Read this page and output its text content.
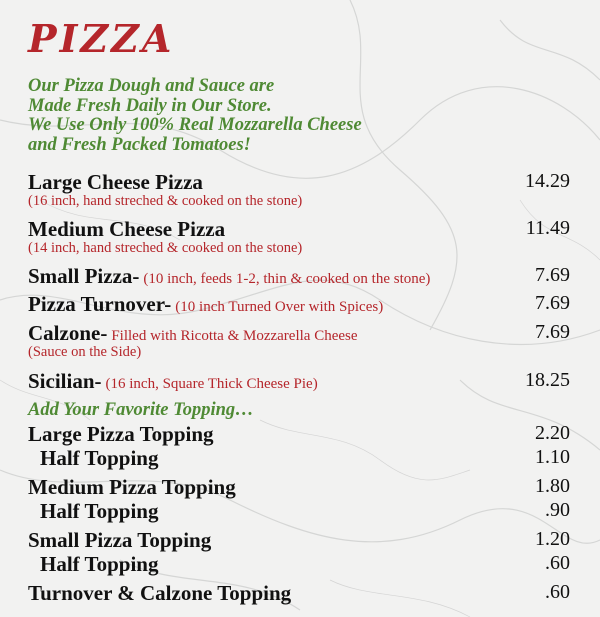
PIZZA
Our Pizza Dough and Sauce are
Made Fresh Daily in Our Store.
We Use Only 100% Real Mozzarella Cheese
and Fresh Packed Tomatoes!
Large Cheese Pizza	14.29
(16 inch, hand streched & cooked on the stone)
Medium Cheese Pizza	11.49
(14 inch, hand streched & cooked on the stone)
Small Pizza- (10 inch, feeds 1-2, thin & cooked on the stone)	7.69
Pizza Turnover- (10 inch Turned Over with Spices)	7.69
Calzone- Filled with Ricotta & Mozzarella Cheese	7.69
(Sauce on the Side)
Sicilian- (16 inch, Square Thick Cheese Pie)	18.25
Add Your Favorite Topping…
Large Pizza Topping	2.20
Half Topping	1.10
Medium Pizza Topping	1.80
Half Topping	.90
Small Pizza Topping	1.20
Half Topping	.60
Turnover & Calzone Topping	.60
